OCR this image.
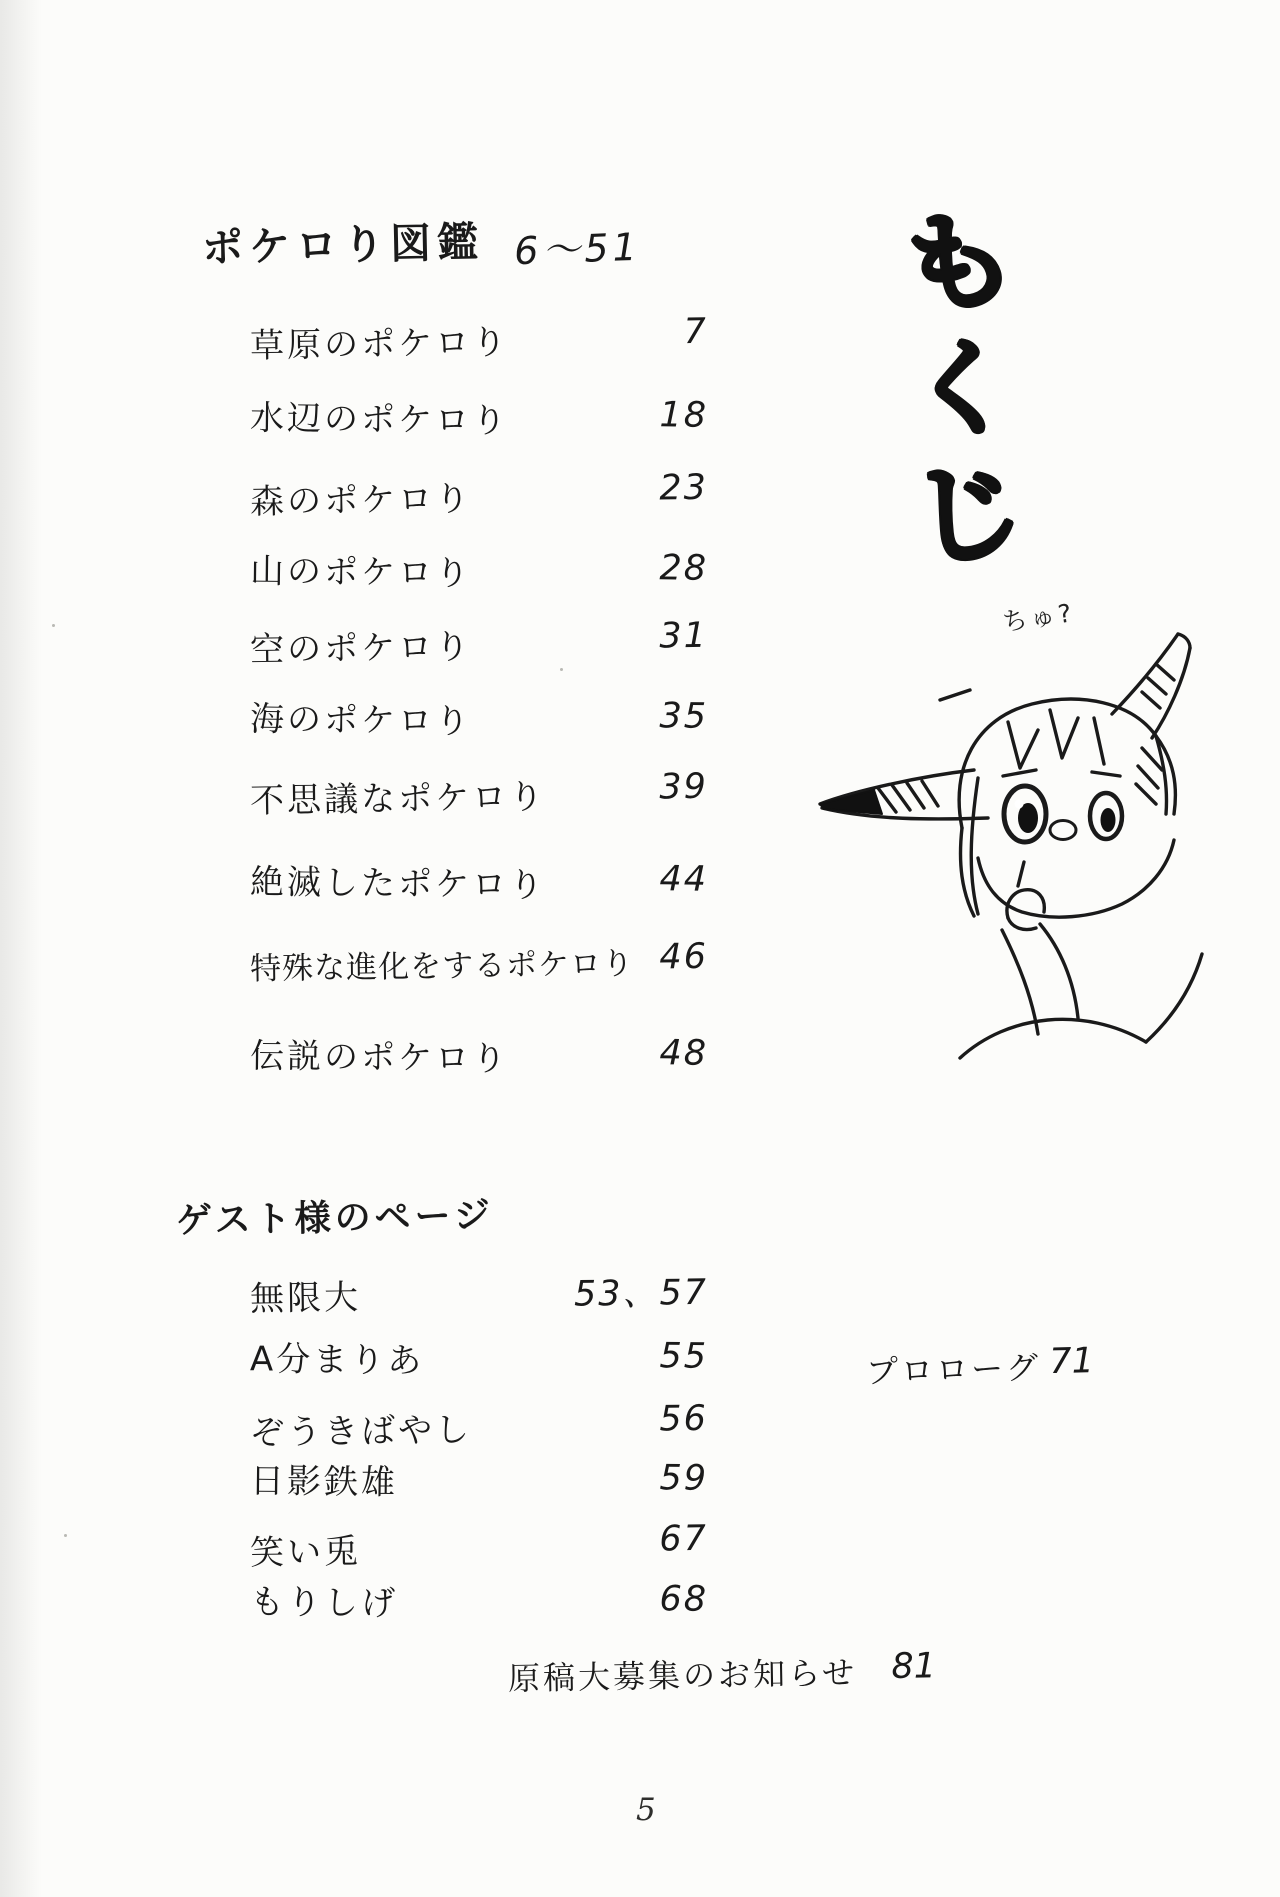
ポケロり図鑑 6〜51
草原のポケロり	7
水辺のポケロり	18
森のポケロり	23
山のポケロり	28
空のポケロり	31
海のポケロり	35
不思議なポケロり	39
絶滅したポケロり	44
特殊な進化をするポケロり 46
伝説のポケロり	48
ゲスト様のページ
無限大	53、57
A分まりあ	55
ぞうきばやし	56
日影鉄雄	59
笑い兎	67
もりしげ	68
プロローグ 71
原稿大募集のお知らせ 81
も
く
じ
ちゅ?
5
